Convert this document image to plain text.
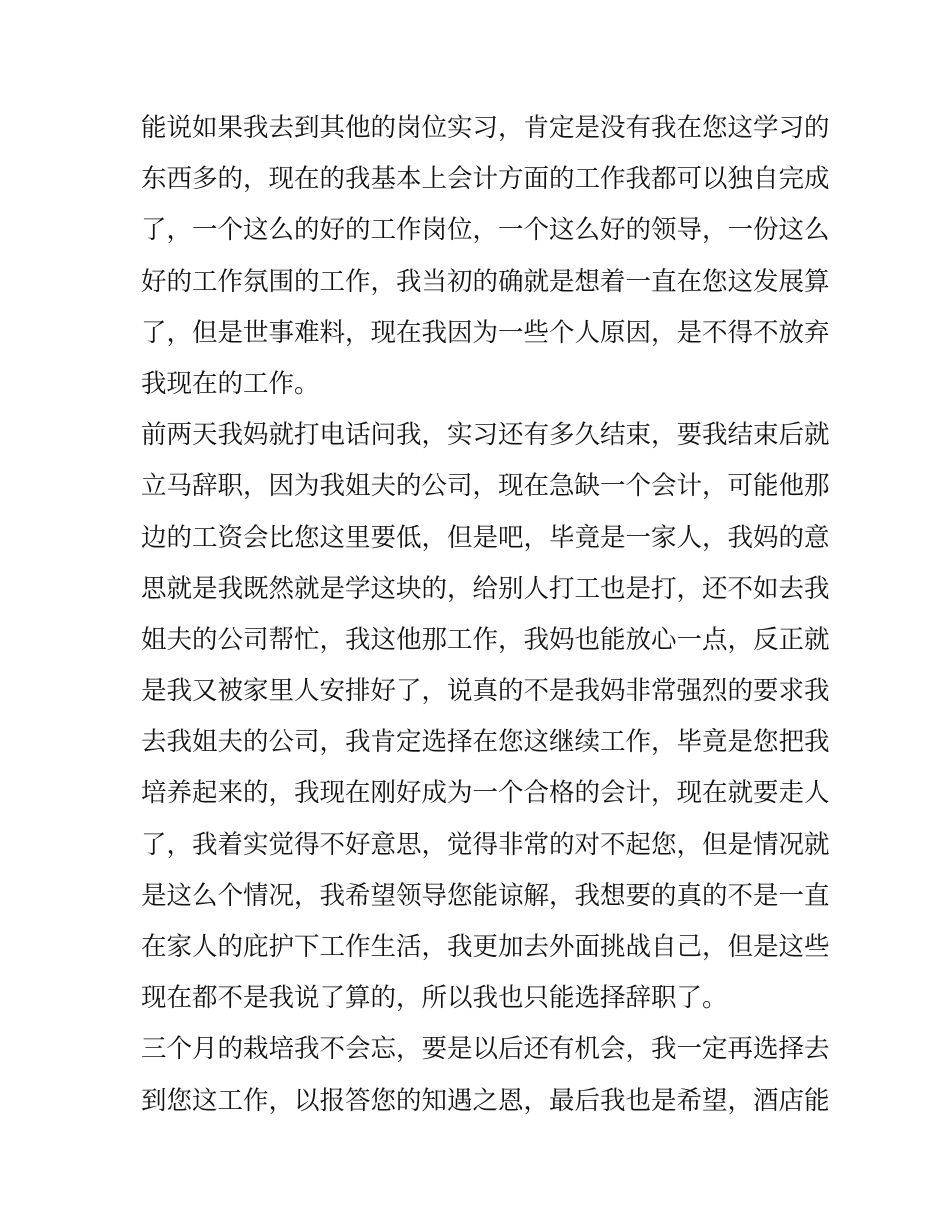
能说如果我去到其他的岗位实习，肯定是没有我在您这学习的
东西多的，现在的我基本上会计方面的工作我都可以独自完成
了，一个这么的好的工作岗位，一个这么好的领导，一份这么
好的工作氛围的工作，我当初的确就是想着一直在您这发展算
了，但是世事难料，现在我因为一些个人原因，是不得不放弃
我现在的工作。
前两天我妈就打电话问我，实习还有多久结束，要我结束后就
立马辞职，因为我姐夫的公司，现在急缺一个会计，可能他那
边的工资会比您这里要低，但是吧，毕竟是一家人，我妈的意
思就是我既然就是学这块的，给别人打工也是打，还不如去我
姐夫的公司帮忙，我这他那工作，我妈也能放心一点，反正就
是我又被家里人安排好了，说真的不是我妈非常强烈的要求我
去我姐夫的公司，我肯定选择在您这继续工作，毕竟是您把我
培养起来的，我现在刚好成为一个合格的会计，现在就要走人
了，我着实觉得不好意思，觉得非常的对不起您，但是情况就
是这么个情况，我希望领导您能谅解，我想要的真的不是一直
在家人的庇护下工作生活，我更加去外面挑战自己，但是这些
现在都不是我说了算的，所以我也只能选择辞职了。
三个月的栽培我不会忘，要是以后还有机会，我一定再选择去
到您这工作，以报答您的知遇之恩，最后我也是希望，酒店能
